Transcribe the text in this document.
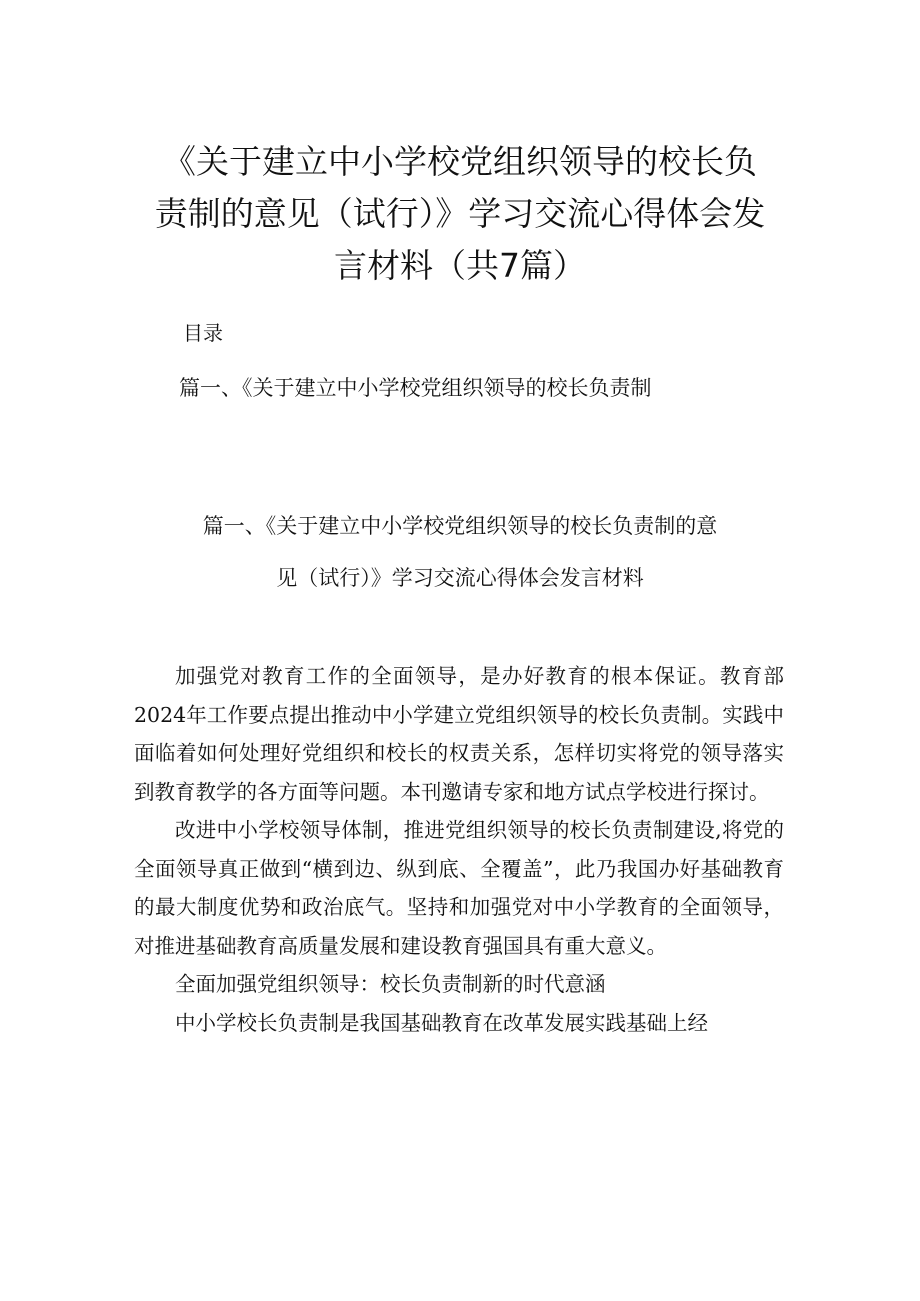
《关于建立中小学校党组织领导的校长负
责制的意见（试行）》学习交流心得体会发
言材料（共7篇）
目录
篇一、《关于建立中小学校党组织领导的校长负责制
篇一、《关于建立中小学校党组织领导的校长负责制的意
见（试行）》学习交流心得体会发言材料

加强党对教育工作的全面领导，是办好教育的根本保证。教育部2024年工作要点提出推动中小学建立党组织领导的校长负责制。实践中面临着如何处理好党组织和校长的权责关系，怎样切实将党的领导落实到教育教学的各方面等问题。本刊邀请专家和地方试点学校进行探讨。

改进中小学校领导体制，推进党组织领导的校长负责制建设,将党的全面领导真正做到“横到边、纵到底、全覆盖”，此乃我国办好基础教育的最大制度优势和政治底气。坚持和加强党对中小学教育的全面领导，对推进基础教育高质量发展和建设教育强国具有重大意义。

全面加强党组织领导：校长负责制新的时代意涵

中小学校长负责制是我国基础教育在改革发展实践基础上经
